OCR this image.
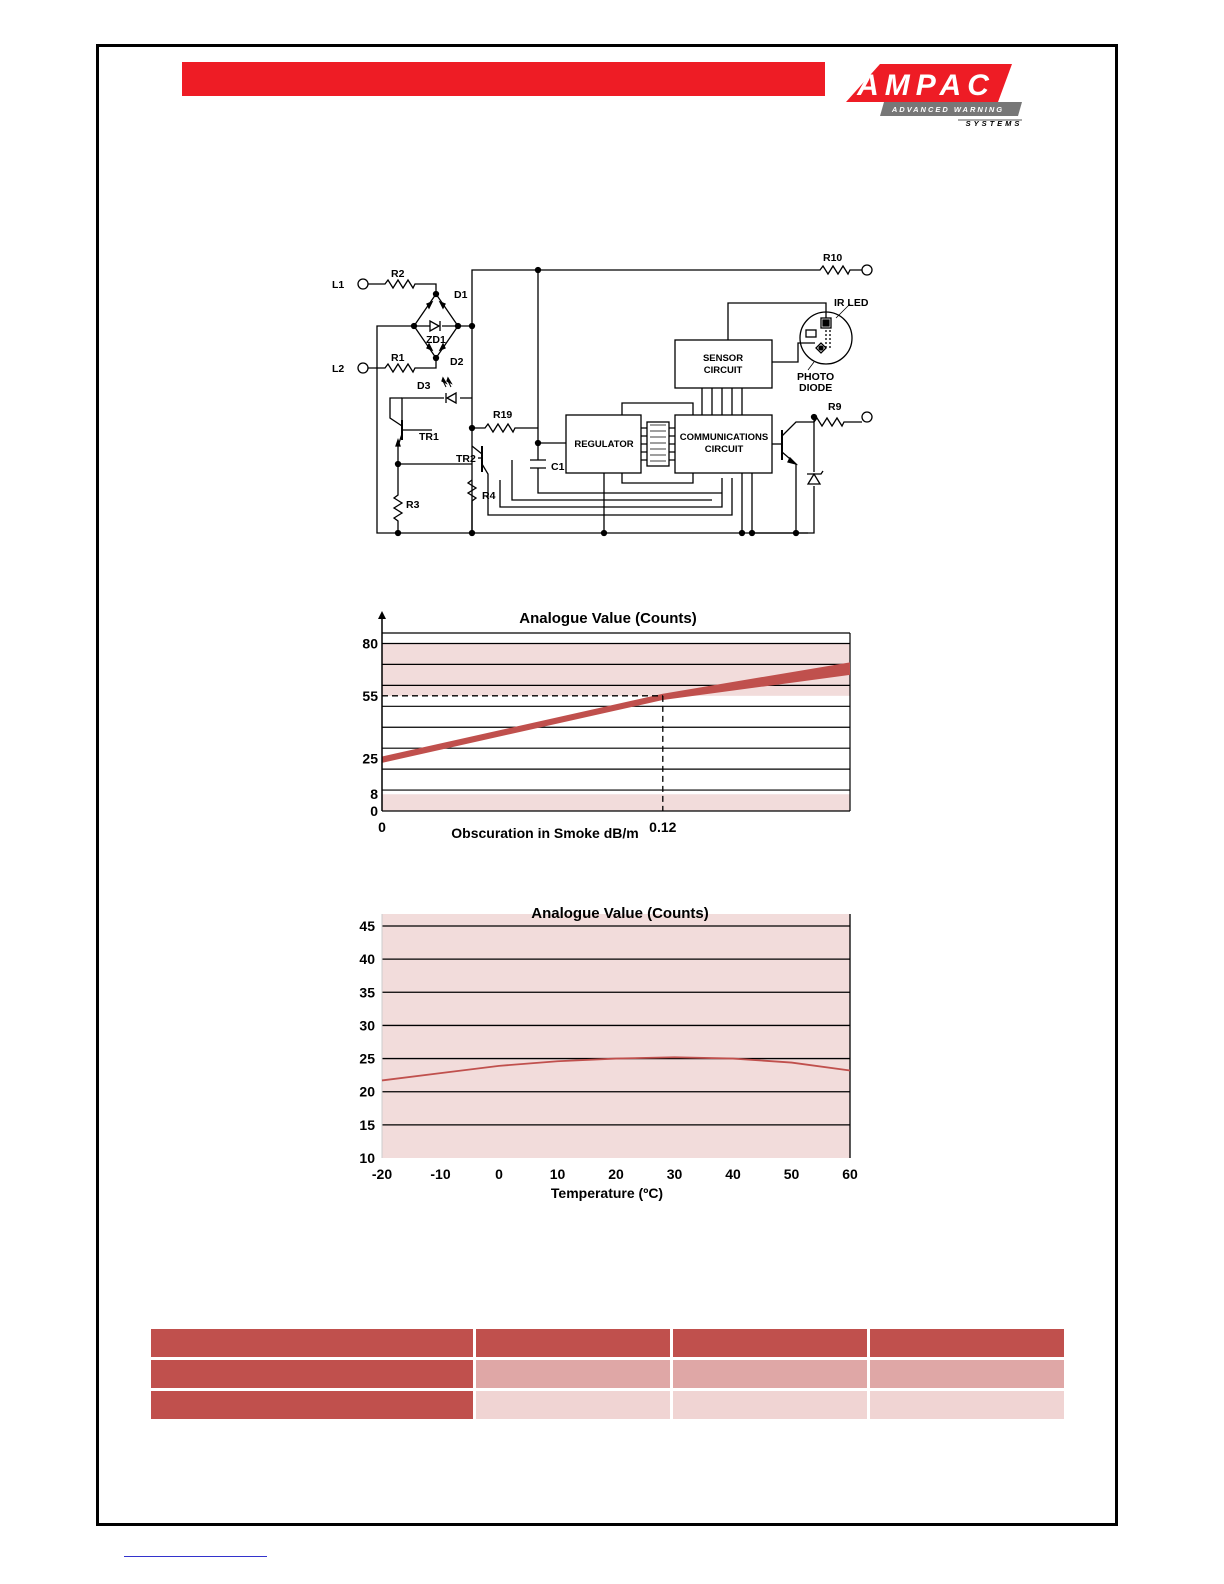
AMPAC
ADVANCED WARNING
SYSTEMS
L1
L2
R2
R1
D1
D2
ZD1
D3
R19
TR1
TR2
R3
R4
C1
R10
R9
IR LED
PHOTO
DIODE
SENSOR
CIRCUIT
REGULATOR
COMMUNICATIONS
CIRCUIT
80
55
25
8
0
0	0.12
Analogue Value (Counts)
Obscuration in Smoke dB/m
45
40
35
30
25
20
15
10
-20	-10	0	10	20	30	40	50	60
Analogue Value (Counts)
Temperature (ºC)
